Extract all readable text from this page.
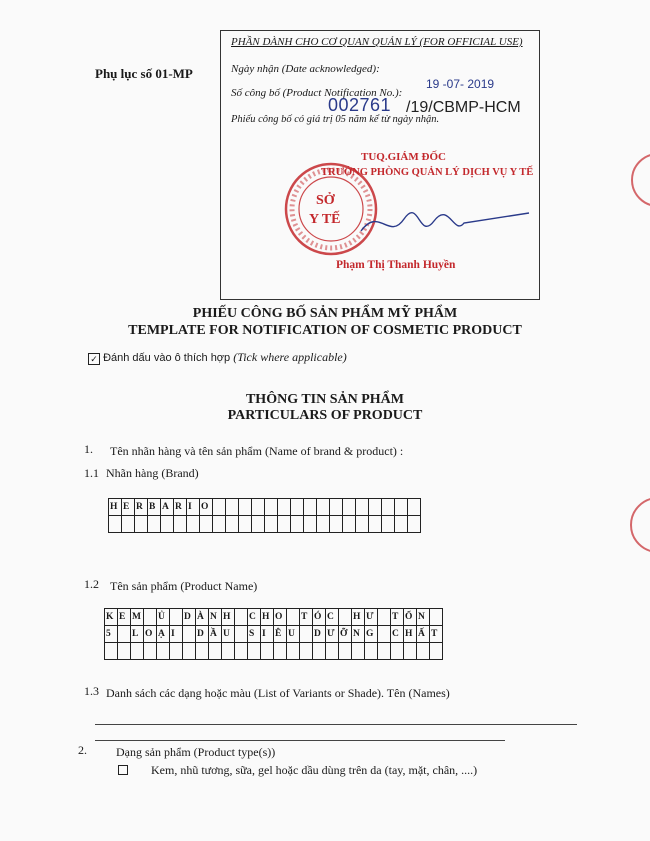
Phụ lục số 01-MP
PHẦN DÀNH CHO CƠ QUAN QUẢN LÝ (FOR OFFICIAL USE)
Ngày nhận (Date acknowledged):
19 -07- 2019
Số công bố (Product Notification No.):
002761 /19/CBMP-HCM
Phiếu công bố có giá trị 05 năm kể từ ngày nhận.
TUQ.GIÁM ĐỐC
TRƯỞNG PHÒNG QUẢN LÝ DỊCH VỤ Y TẾ
SỞ
Y TẾ
Phạm Thị Thanh Huyền
PHIẾU CÔNG BỐ SẢN PHẨM MỸ PHẨM
TEMPLATE FOR NOTIFICATION OF COSMETIC PRODUCT
✓ Đánh dấu vào ô thích hợp (Tick where applicable)
THÔNG TIN SẢN PHẨM
PARTICULARS OF PRODUCT
1. Tên nhãn hàng và tên sản phẩm (Name of brand & product) :
1.1 Nhãn hàng (Brand)
H	E	R	B	A	R	I	O																

1.2 Tên sản phẩm (Product Name)
K	E	M		Ủ		D	À	N	H		C	H	O		T	Ó	C		H	Ư		T	Ổ	N	
5		L	O	Ạ	I		D	Ầ	U		S	I	Ê	U		D	Ư	Ỡ	N	G		C	H	Ấ	T

1.3 Danh sách các dạng hoặc màu (List of Variants or Shade). Tên (Names)
2. Dạng sản phẩm (Product type(s))
Kem, nhũ tương, sữa, gel hoặc dầu dùng trên da (tay, mặt, chân, ....)
